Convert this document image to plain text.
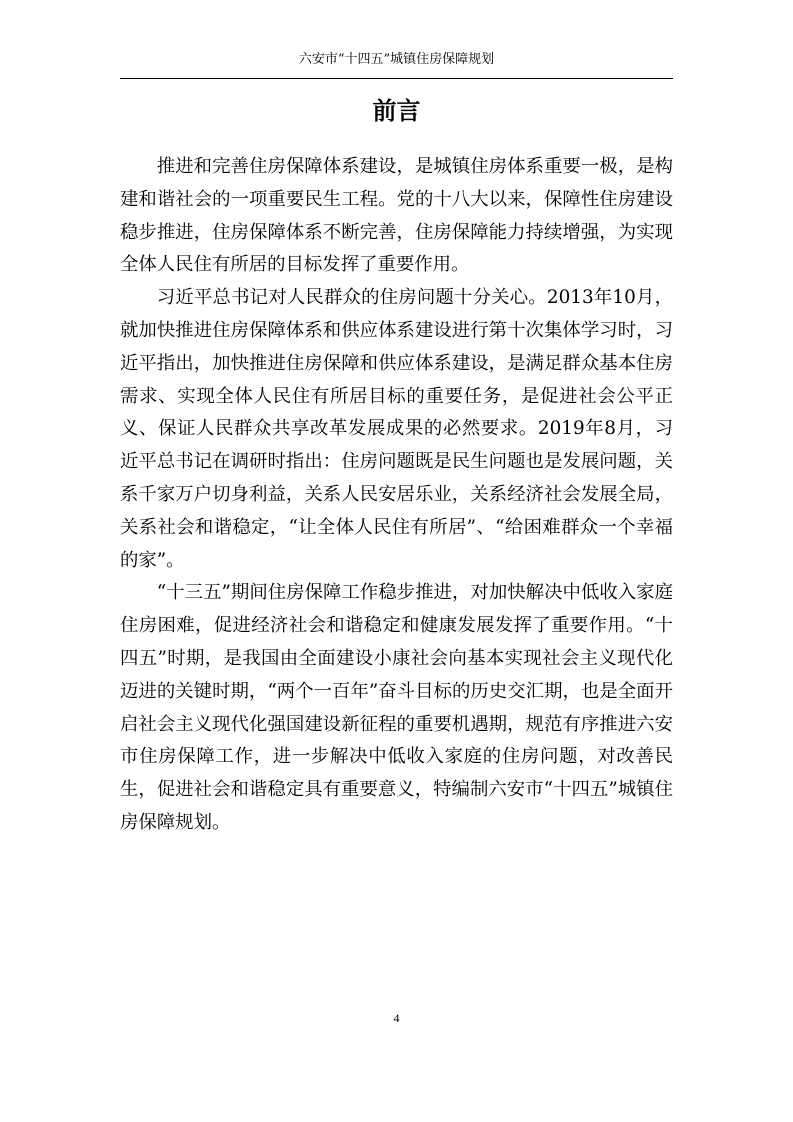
六安市“十四五”城镇住房保障规划
前言

推进和完善住房保障体系建设，是城镇住房体系重要一极，是构建和谐社会的一项重要民生工程。党的十八大以来，保障性住房建设稳步推进，住房保障体系不断完善，住房保障能力持续增强，为实现全体人民住有所居的目标发挥了重要作用。

习近平总书记对人民群众的住房问题十分关心。2013年10月，就加快推进住房保障体系和供应体系建设进行第十次集体学习时，习近平指出，加快推进住房保障和供应体系建设，是满足群众基本住房需求、实现全体人民住有所居目标的重要任务，是促进社会公平正义、保证人民群众共享改革发展成果的必然要求。2019年8月，习近平总书记在调研时指出：住房问题既是民生问题也是发展问题，关系千家万户切身利益，关系人民安居乐业，关系经济社会发展全局，关系社会和谐稳定，“让全体人民住有所居”、“给困难群众一个幸福的家”。

“十三五”期间住房保障工作稳步推进，对加快解决中低收入家庭住房困难，促进经济社会和谐稳定和健康发展发挥了重要作用。“十四五”时期，是我国由全面建设小康社会向基本实现社会主义现代化迈进的关键时期，“两个一百年”奋斗目标的历史交汇期，也是全面开启社会主义现代化强国建设新征程的重要机遇期，规范有序推进六安市住房保障工作，进一步解决中低收入家庭的住房问题，对改善民生，促进社会和谐稳定具有重要意义，特编制六安市“十四五”城镇住房保障规划。

4
